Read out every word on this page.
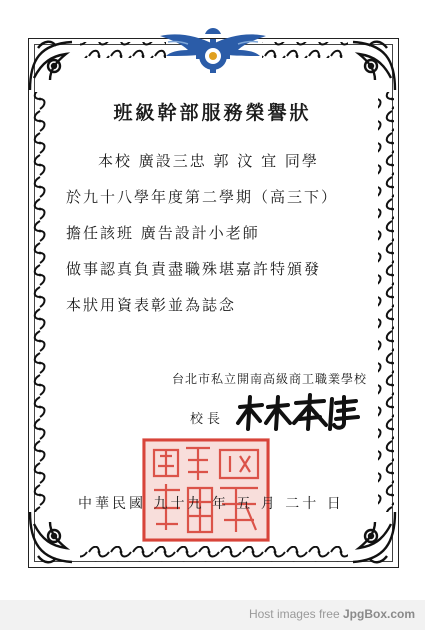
班級幹部服務榮譽狀
本校 廣設三忠 郭 汶 宜 同學
於九十八學年度第二學期（高三下）
擔任該班 廣告設計小老師
做事認真負責盡職殊堪嘉許特頒發
本狀用資表彰並為誌念
台北市私立開南高級商工職業學校
校長
中華民國 九十九 年 五 月 二十 日
Host images free JpgBox.com
